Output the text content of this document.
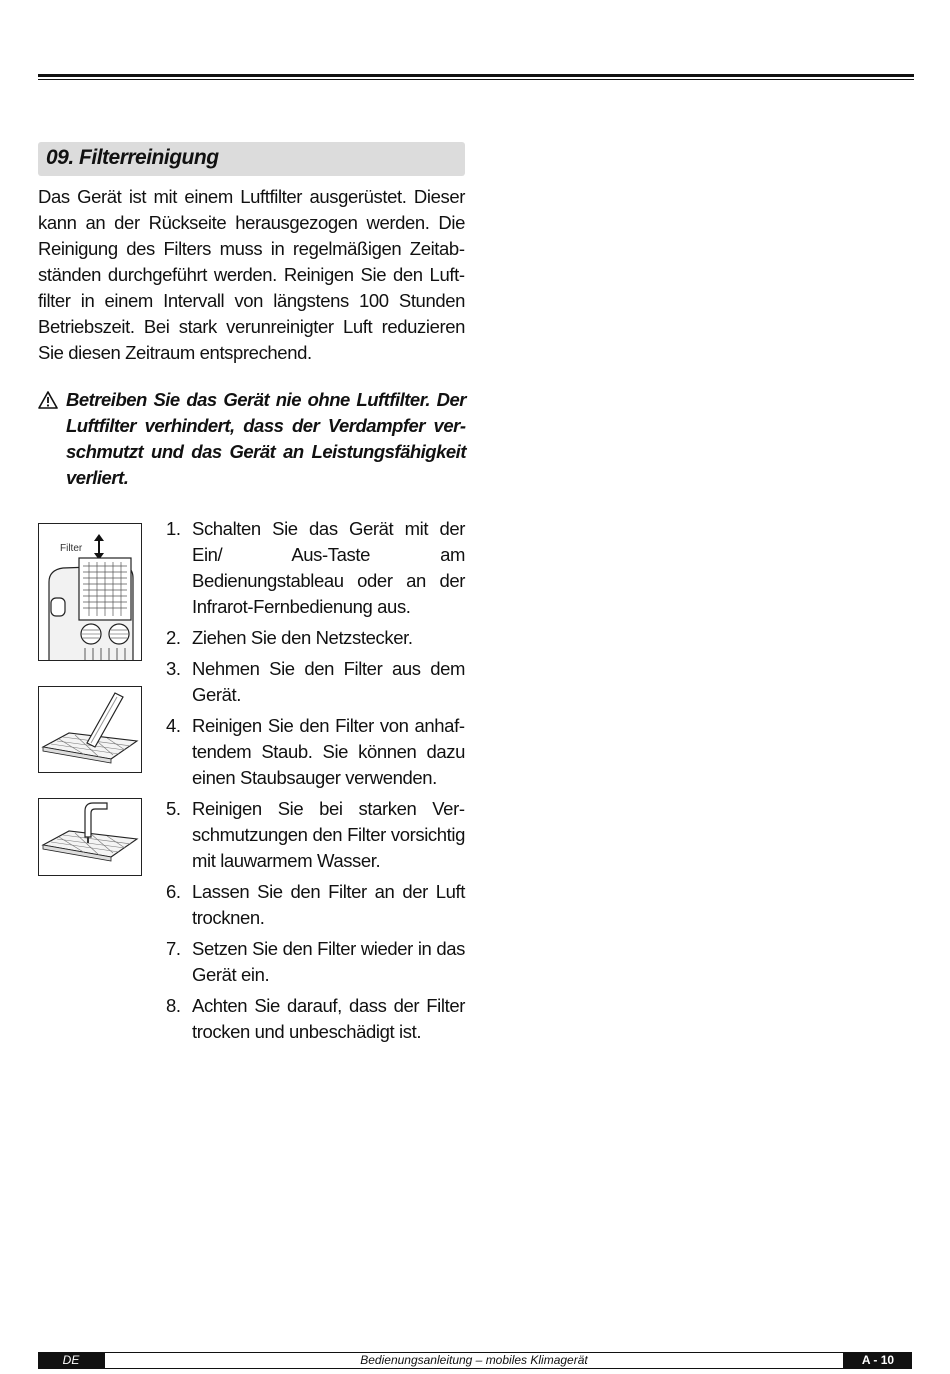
09. Filterreinigung

Das Gerät ist mit einem Luftfilter ausgerüstet. Dieser kann an der Rückseite herausgezogen werden. Die Reinigung des Filters muss in regelmäßigen Zeitabständen durchgeführt werden. Reinigen Sie den Luftfilter in einem Intervall von längstens 100 Stunden Betriebszeit. Bei stark verunreinigter Luft reduzieren Sie diesen Zeitraum entsprechend.

Betreiben Sie das Gerät nie ohne Luftfilter. Der Luftfilter verhindert, dass der Verdampfer verschmutzt und das Gerät an Leistungsfähigkeit verliert.

Filter
1. Schalten Sie das Gerät mit der Ein/ Aus-Taste am Bedienungstableau oder an der Infrarot-Fernbedienung aus.
2. Ziehen Sie den Netzstecker.
3. Nehmen Sie den Filter aus dem Gerät.
4. Reinigen Sie den Filter von anhaftendem Staub. Sie können dazu einen Staubsauger verwenden.
5. Reinigen Sie bei starken Verschmutzungen den Filter vorsichtig mit lauwarmem Wasser.
6. Lassen Sie den Filter an der Luft trocknen.
7. Setzen Sie den Filter wieder in das Gerät ein.
8. Achten Sie darauf, dass der Filter trocken und unbeschädigt ist.
DE	Bedienungsanleitung – mobiles Klimagerät	A - 10
